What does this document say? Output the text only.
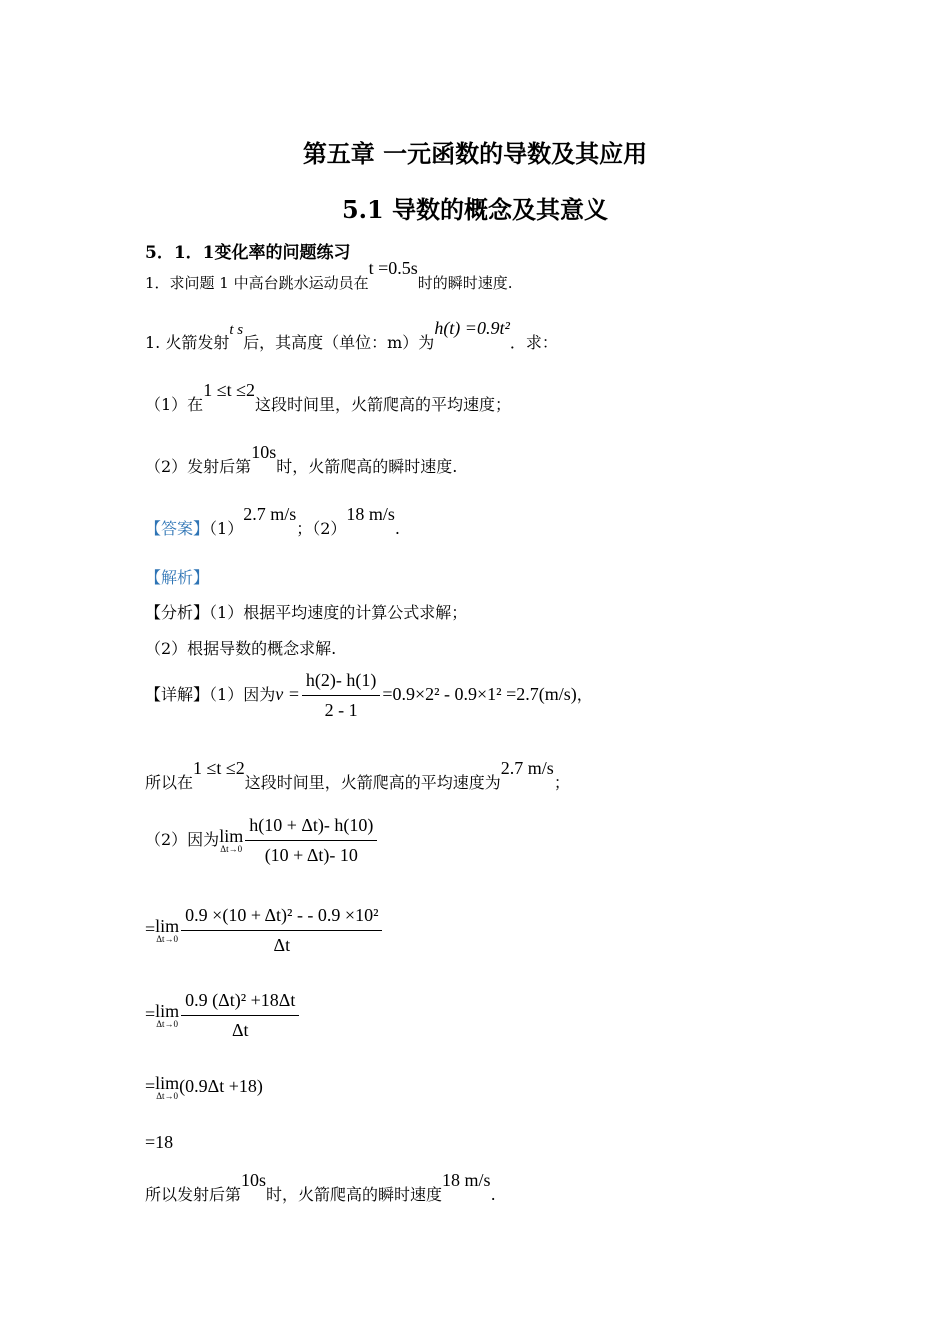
第五章 一元函数的导数及其应用
5.1 导数的概念及其意义
5．1．1变化率的问题练习
1．求问题 1 中高台跳水运动员在t =0.5s时的瞬时速度.
1. 火箭发射t s后，其高度（单位：m）为h(t) =0.9t²．求：
（1）在1 ≤t ≤2这段时间里，火箭爬高的平均速度；
（2）发射后第10s时，火箭爬高的瞬时速度.
【答案】（1）2.7 m/s；（2）18 m/s.
【解析】
【分析】（1）根据平均速度的计算公式求解；
（2）根据导数的概念求解.
【详解】（1）因为$v = \frac{h(2)- h(1)}{2 - 1} =0.9\times 2^2 - 0.9\times 1^2 =2.7(m/s)$，
所以在1 ≤t ≤2这段时间里，火箭爬高的平均速度为2.7 m/s；
（2）因为 lim
$\Delta t\to 0 \frac{h(10 + \Delta t)- h(10)}{(10 + \Delta t)- 10}$
= lim
$\Delta t\to 0 \frac{\text{0.9 ×(10 + Δt)² - - 0.9 ×10²}}{\Delta t}$
= lim
$\Delta t\to 0 \frac{\text{0.9 (Δt)² +18Δt}}{\Delta t}$
= lim
Δt→0 (0.9Δt +18)
=18
所以发射后第10s时，火箭爬高的瞬时速度18 m/s.
